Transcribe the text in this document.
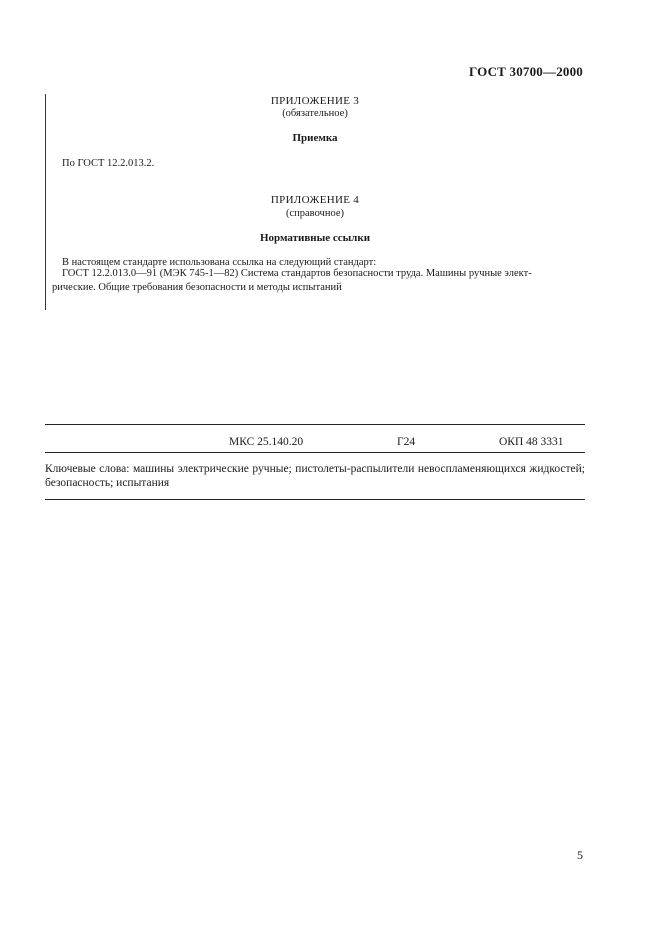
ГОСТ 30700—2000
ПРИЛОЖЕНИЕ 3
(обязательное)
Приемка
По ГОСТ 12.2.013.2.
ПРИЛОЖЕНИЕ 4
(справочное)
Нормативные ссылки
В настоящем стандарте использована ссылка на следующий стандарт:
ГОСТ 12.2.013.0—91 (МЭК 745-1—82) Система стандартов безопасности труда. Машины ручные элект-
рические. Общие требования безопасности и методы испытаний
МКС 25.140.20	Г24	ОКП 48 3331
Ключевые слова: машины электрические ручные; пистолеты-распылители невоспламеняющихся жидкостей; безопасность; испытания
5
